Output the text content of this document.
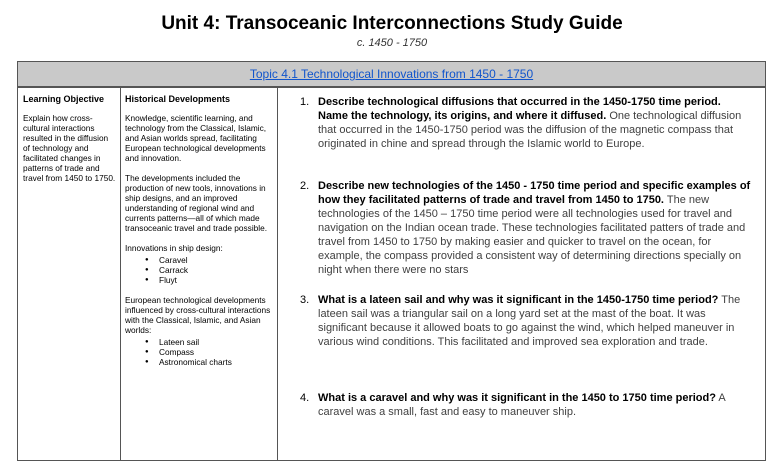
Unit 4: Transoceanic Interconnections Study Guide
c. 1450 - 1750
Topic 4.1 Technological Innovations from 1450 - 1750
Learning Objective
Explain how cross-cultural interactions resulted in the diffusion of technology and facilitated changes in patterns of trade and travel from 1450 to 1750.
Historical Developments

Knowledge, scientific learning, and technology from the Classical, Islamic, and Asian worlds spread, facilitating European technological developments and innovation.

The developments included the production of new tools, innovations in ship designs, and an improved understanding of regional wind and currents patterns—all of which made transoceanic travel and trade possible.

Innovations in ship design:

● Caravel
● Carrack
● Fluyt

European technological developments influenced by cross-cultural interactions with the Classical, Islamic, and Asian worlds:

● Lateen sail
● Compass
● Astronomical charts
1. Describe technological diffusions that occurred in the 1450-1750 time period. Name the technology, its origins, and where it diffused. One technological diffusion that occurred in the 1450-1750 period was the diffusion of the magnetic compass that originated in chine and spread through the Islamic world to Europe.
2. Describe new technologies of the 1450 - 1750 time period and specific examples of how they facilitated patterns of trade and travel from 1450 to 1750. The new technologies of the 1450 – 1750 time period were all technologies used for travel and navigation on the Indian ocean trade. These technologies facilitated patters of trade and travel from 1450 to 1750 by making easier and quicker to travel on the ocean, for example, the compass provided a consistent way of determining directions specially on night when there were no stars
3. What is a lateen sail and why was it significant in the 1450-1750 time period? The lateen sail was a triangular sail on a long yard set at the mast of the boat. It was significant because it allowed boats to go against the wind, which helped maneuver in various wind conditions. This facilitated and improved sea exploration and trade.
4. What is a caravel and why was it significant in the 1450 to 1750 time period? A caravel was a small, fast and easy to maneuver ship.
